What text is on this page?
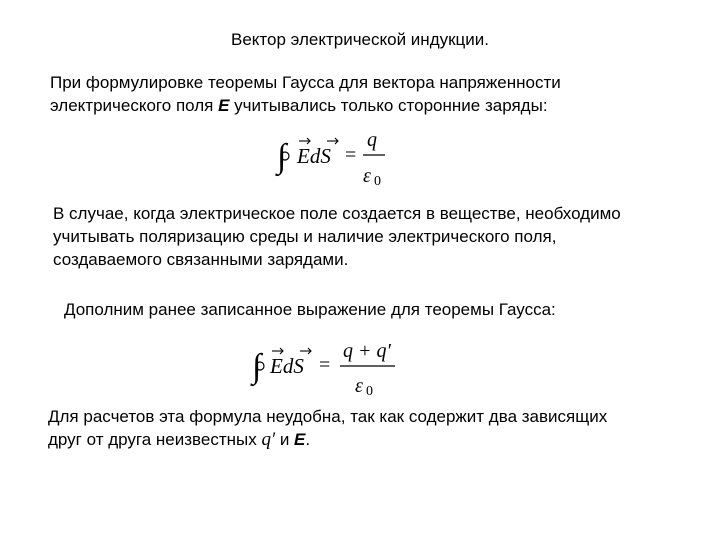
Вектор электрической индукции.
При формулировке теоремы Гаусса для вектора напряженности
электрического поля E учитывались только сторонние заряды:
∫ EdS =
q
ε 0
В случае, когда электрическое поле создается в веществе, необходимо
учитывать поляризацию среды и наличие электрического поля,
создаваемого связанными зарядами.
Дополним ранее записанное выражение для теоремы Гаусса:
∫ EdS =
q + q′
ε 0
Для расчетов эта формула неудобна, так как содержит два зависящих
друг от друга неизвестных q′ и E.
